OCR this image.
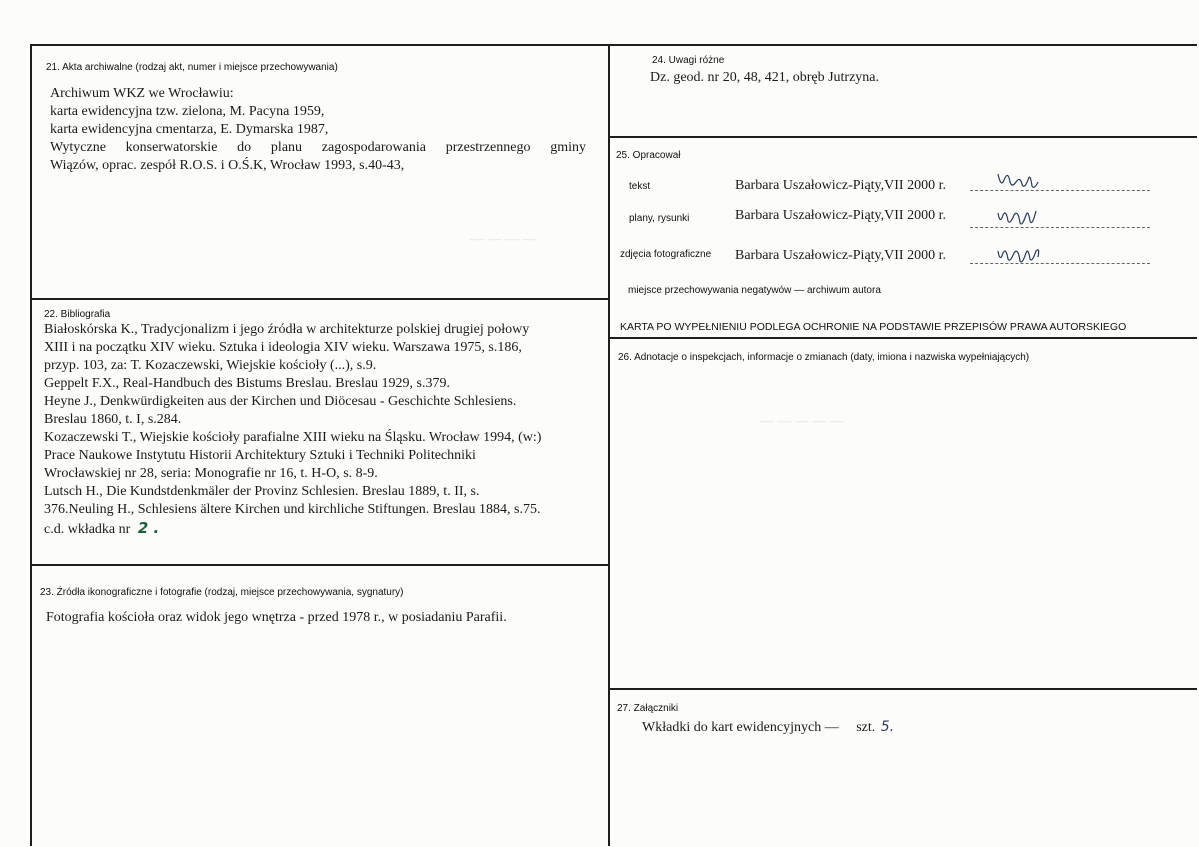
— — — —
— — — — —
21. Akta archiwalne (rodzaj akt, numer i miejsce przechowywania)
Archiwum WKZ we Wrocławiu:
karta ewidencyjna tzw. zielona, M. Pacyna 1959,
karta ewidencyjna cmentarza, E. Dymarska 1987,
Wytyczne konserwatorskie do planu zagospodarowania przestrzennego gminy
Wiązów, oprac. zespół R.O.S. i O.Ś.K, Wrocław 1993, s.40-43,
22. Bibliografia
Białoskórska K., Tradycjonalizm i jego źródła w architekturze polskiej drugiej połowy
XIII i na początku XIV wieku. Sztuka i ideologia XIV wieku. Warszawa 1975, s.186,
przyp. 103, za: T. Kozaczewski, Wiejskie kościoły (...), s.9.
Geppelt F.X., Real-Handbuch des Bistums Breslau. Breslau 1929, s.379.
Heyne J., Denkwürdigkeiten aus der Kirchen und Diöcesau - Geschichte Schlesiens.
Breslau 1860, t. I, s.284.
Kozaczewski T., Wiejskie kościoły parafialne XIII wieku na Śląsku. Wrocław 1994, (w:)
Prace Naukowe Instytutu Historii Architektury Sztuki i Techniki Politechniki
Wrocławskiej nr 28, seria: Monografie nr 16, t. H-O, s. 8-9.
Lutsch H., Die Kundstdenkmäler der Provinz Schlesien. Breslau 1889, t. II, s.
376.Neuling H., Schlesiens ältere Kirchen und kirchliche Stiftungen. Breslau 1884, s.75.
c.d. wkładka nr 2 .
23. Źródła ikonograficzne i fotografie (rodzaj, miejsce przechowywania, sygnatury)
Fotografia kościoła oraz widok jego wnętrza - przed 1978 r., w posiadaniu Parafii.
24. Uwagi różne
Dz. geod. nr 20, 48, 421, obręb Jutrzyna.
25. Opracował
tekst	Barbara Uszałowicz-Piąty,VII 2000 r.
plany, rysunki	Barbara Uszałowicz-Piąty,VII 2000 r.
zdjęcia fotograficzne Barbara Uszałowicz-Piąty,VII 2000 r.
miejsce przechowywania negatywów — archiwum autora
KARTA PO WYPEŁNIENIU PODLEGA OCHRONIE NA PODSTAWIE PRZEPISÓW PRAWA AUTORSKIEGO
26. Adnotacje o inspekcjach, informacje o zmianach (daty, imiona i nazwiska wypełniających)
27. Załączniki
Wkładki do kart ewidencyjnych — szt. 5.
